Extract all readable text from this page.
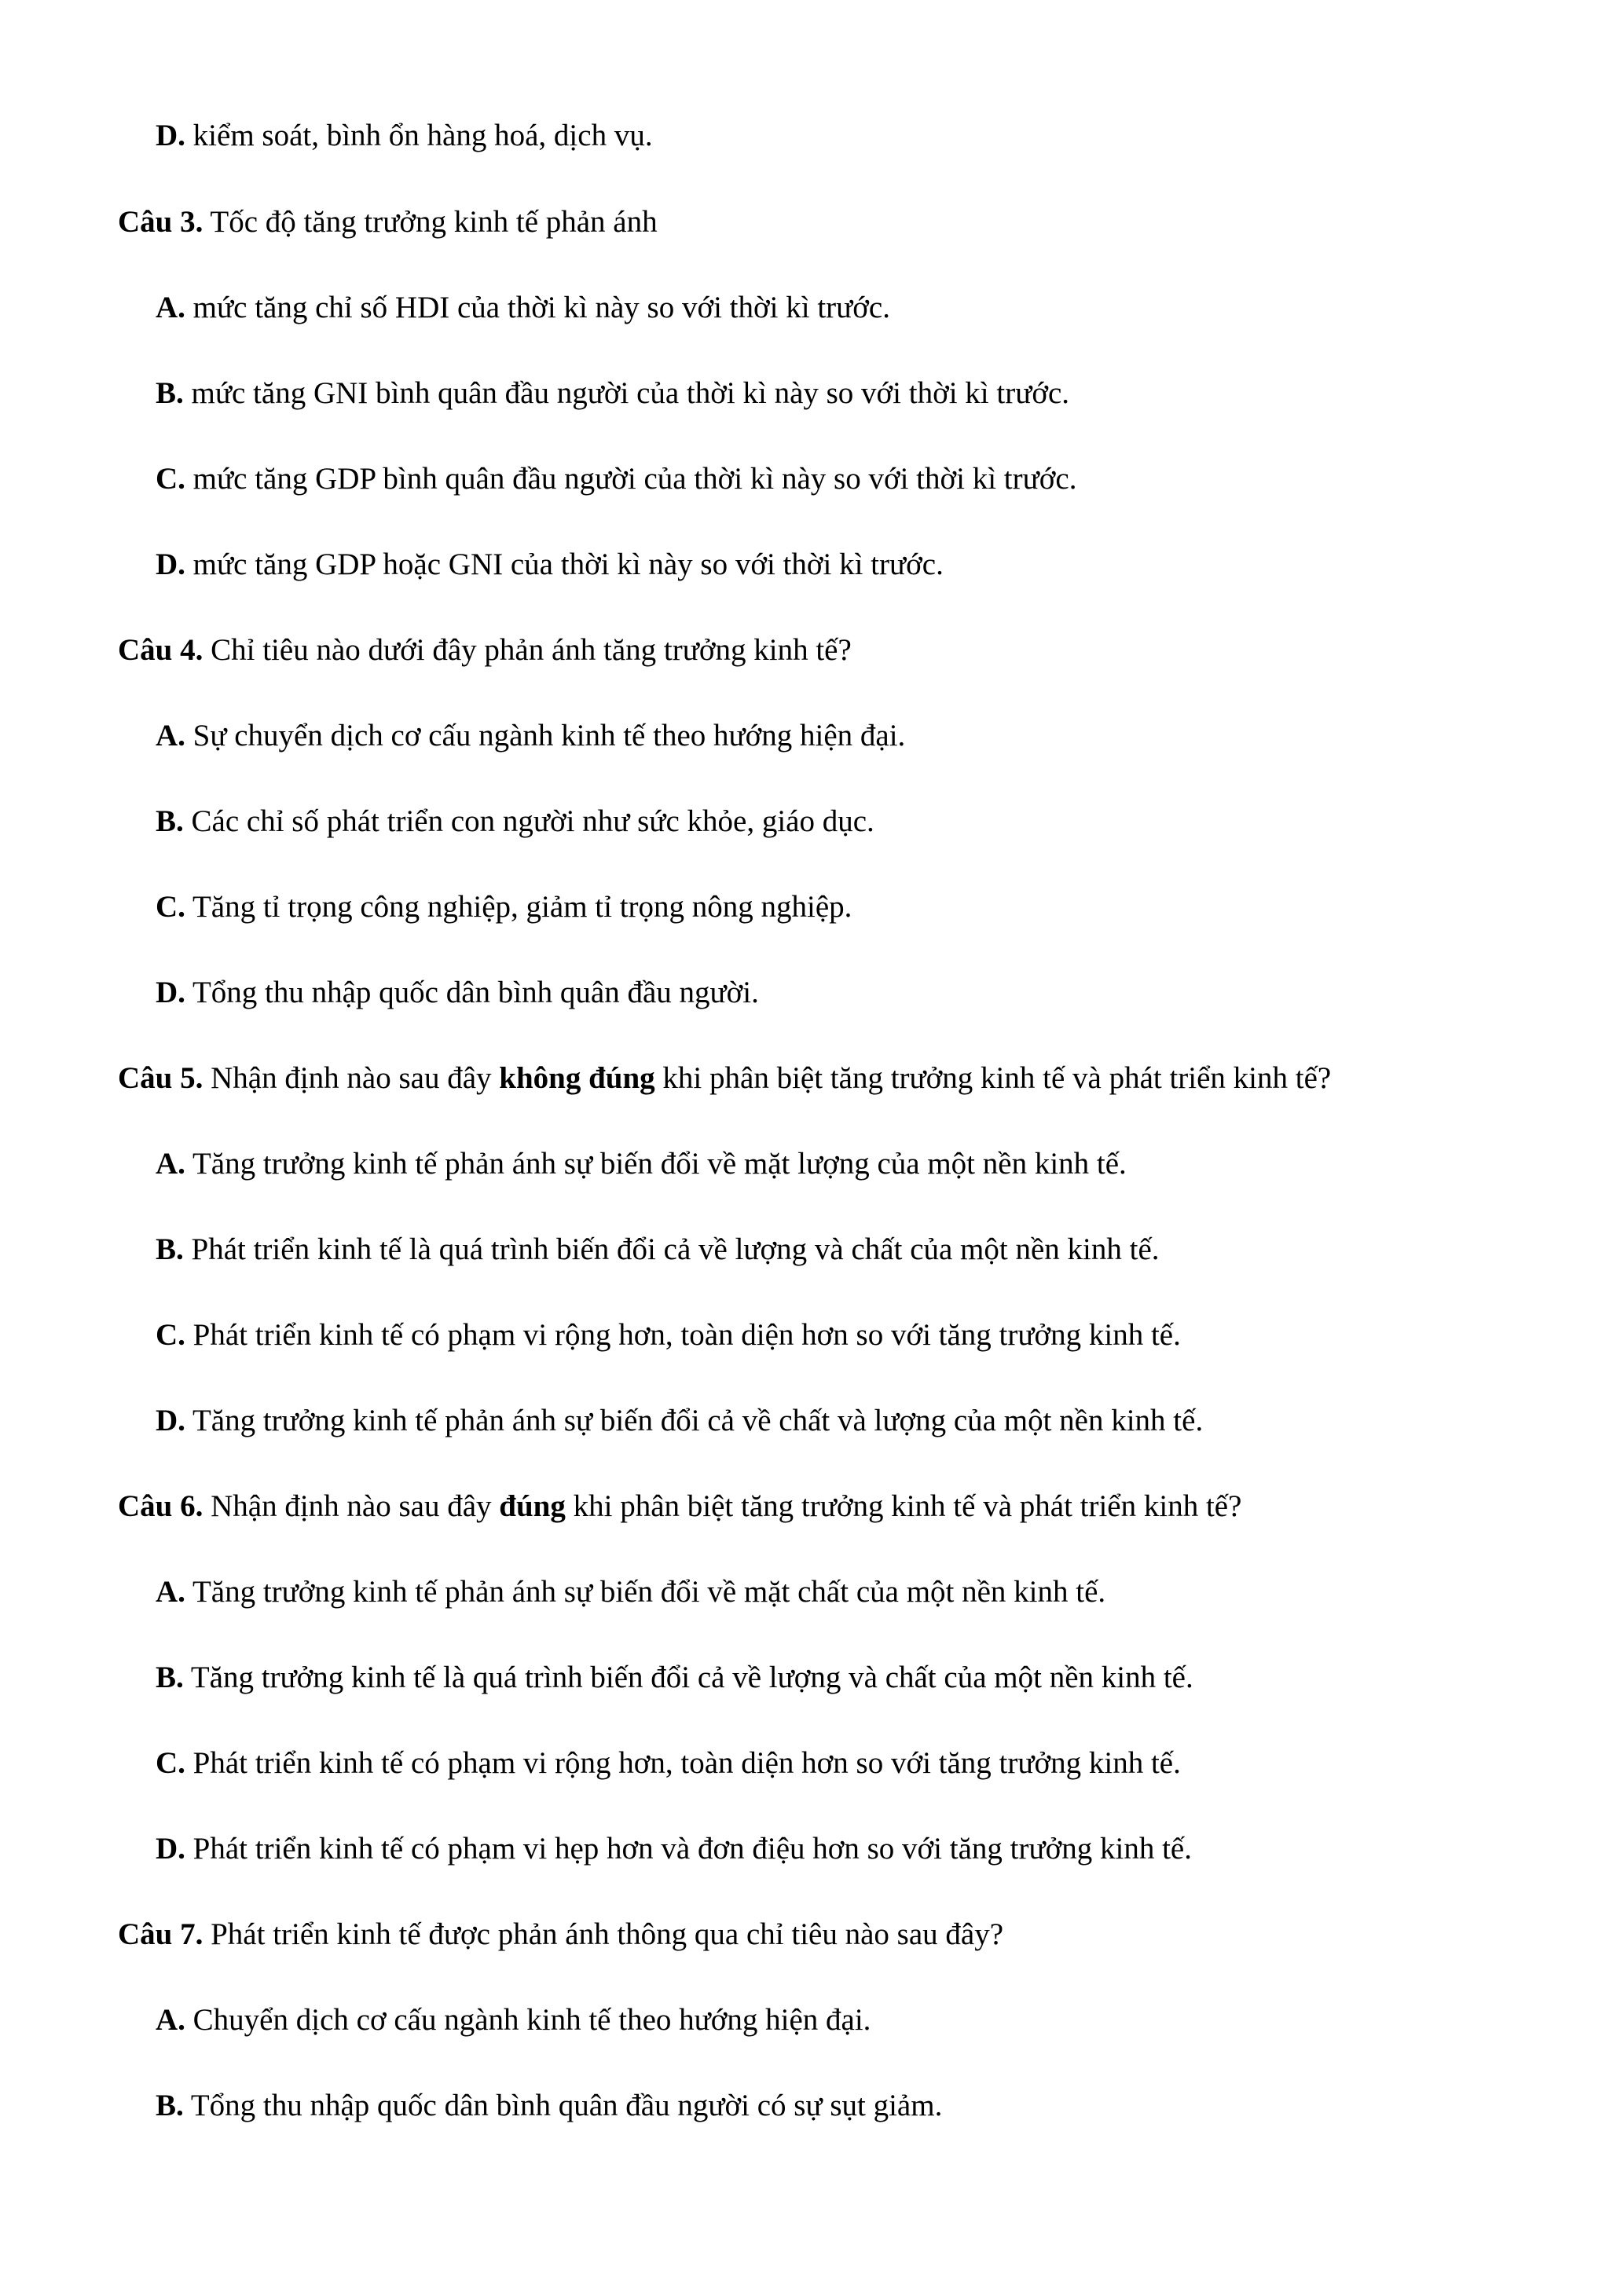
D. kiểm soát, bình ổn hàng hoá, dịch vụ.
Câu 3. Tốc độ tăng trưởng kinh tế phản ánh
A. mức tăng chỉ số HDI của thời kì này so với thời kì trước.
B. mức tăng GNI bình quân đầu người của thời kì này so với thời kì trước.
C. mức tăng GDP bình quân đầu người của thời kì này so với thời kì trước.
D. mức tăng GDP hoặc GNI của thời kì này so với thời kì trước.
Câu 4. Chỉ tiêu nào dưới đây phản ánh tăng trưởng kinh tế?
A. Sự chuyển dịch cơ cấu ngành kinh tế theo hướng hiện đại.
B. Các chỉ số phát triển con người như sức khỏe, giáo dục.
C. Tăng tỉ trọng công nghiệp, giảm tỉ trọng nông nghiệp.
D. Tổng thu nhập quốc dân bình quân đầu người.
Câu 5. Nhận định nào sau đây không đúng khi phân biệt tăng trưởng kinh tế và phát triển kinh tế?
A. Tăng trưởng kinh tế phản ánh sự biến đổi về mặt lượng của một nền kinh tế.
B. Phát triển kinh tế là quá trình biến đổi cả về lượng và chất của một nền kinh tế.
C. Phát triển kinh tế có phạm vi rộng hơn, toàn diện hơn so với tăng trưởng kinh tế.
D. Tăng trưởng kinh tế phản ánh sự biến đổi cả về chất và lượng của một nền kinh tế.
Câu 6. Nhận định nào sau đây đúng khi phân biệt tăng trưởng kinh tế và phát triển kinh tế?
A. Tăng trưởng kinh tế phản ánh sự biến đổi về mặt chất của một nền kinh tế.
B. Tăng trưởng kinh tế là quá trình biến đổi cả về lượng và chất của một nền kinh tế.
C. Phát triển kinh tế có phạm vi rộng hơn, toàn diện hơn so với tăng trưởng kinh tế.
D. Phát triển kinh tế có phạm vi hẹp hơn và đơn điệu hơn so với tăng trưởng kinh tế.
Câu 7. Phát triển kinh tế được phản ánh thông qua chỉ tiêu nào sau đây?
A. Chuyển dịch cơ cấu ngành kinh tế theo hướng hiện đại.
B. Tổng thu nhập quốc dân bình quân đầu người có sự sụt giảm.
